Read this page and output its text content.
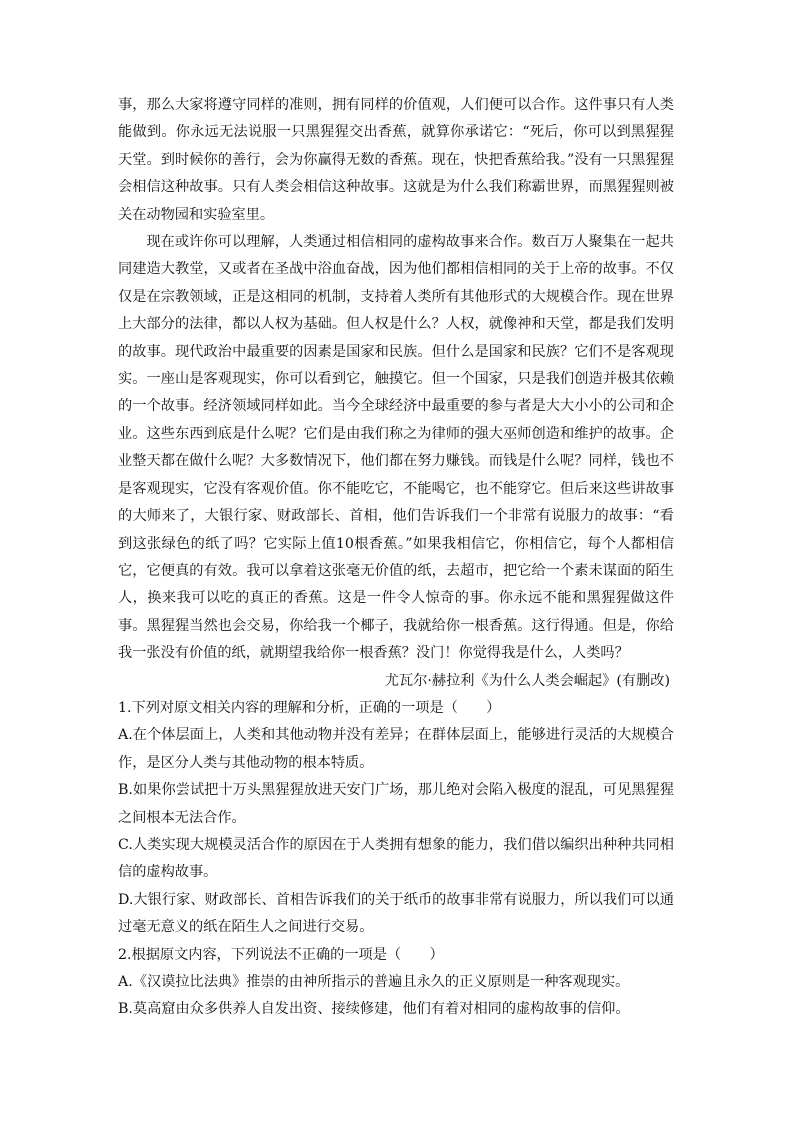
事，那么大家将遵守同样的准则，拥有同样的价值观，人们便可以合作。这件事只有人类能做到。你永远无法说服一只黑猩猩交出香蕉，就算你承诺它：“死后，你可以到黑猩猩天堂。到时候你的善行，会为你赢得无数的香蕉。现在，快把香蕉给我。”没有一只黑猩猩会相信这种故事。只有人类会相信这种故事。这就是为什么我们称霸世界，而黑猩猩则被关在动物园和实验室里。

现在或许你可以理解，人类通过相信相同的虚构故事来合作。数百万人聚集在一起共同建造大教堂，又或者在圣战中浴血奋战，因为他们都相信相同的关于上帝的故事。不仅仅是在宗教领域，正是这相同的机制，支持着人类所有其他形式的大规模合作。现在世界上大部分的法律，都以人权为基础。但人权是什么？人权，就像神和天堂，都是我们发明的故事。现代政治中最重要的因素是国家和民族。但什么是国家和民族？它们不是客观现实。一座山是客观现实，你可以看到它，触摸它。但一个国家，只是我们创造并极其依赖的一个故事。经济领域同样如此。当今全球经济中最重要的参与者是大大小小的公司和企业。这些东西到底是什么呢？它们是由我们称之为律师的强大巫师创造和维护的故事。企业整天都在做什么呢？大多数情况下，他们都在努力赚钱。而钱是什么呢？同样，钱也不是客观现实，它没有客观价值。你不能吃它，不能喝它，也不能穿它。但后来这些讲故事的大师来了，大银行家、财政部长、首相，他们告诉我们一个非常有说服力的故事：“看到这张绿色的纸了吗？它实际上值10根香蕉。”如果我相信它，你相信它，每个人都相信它，它便真的有效。我可以拿着这张毫无价值的纸，去超市，把它给一个素未谋面的陌生人，换来我可以吃的真正的香蕉。这是一件令人惊奇的事。你永远不能和黑猩猩做这件事。黑猩猩当然也会交易，你给我一个椰子，我就给你一根香蕉。这行得通。但是，你给我一张没有价值的纸，就期望我给你一根香蕉？没门！你觉得我是什么，人类吗？

尤瓦尔·赫拉利《为什么人类会崛起》(有删改)

1.下列对原文相关内容的理解和分析，正确的一项是（　　）

A.在个体层面上，人类和其他动物并没有差异；在群体层面上，能够进行灵活的大规模合作，是区分人类与其他动物的根本特质。

B.如果你尝试把十万头黑猩猩放进天安门广场，那儿绝对会陷入极度的混乱，可见黑猩猩之间根本无法合作。

C.人类实现大规模灵活合作的原因在于人类拥有想象的能力，我们借以编织出种种共同相信的虚构故事。

D.大银行家、财政部长、首相告诉我们的关于纸币的故事非常有说服力，所以我们可以通过毫无意义的纸在陌生人之间进行交易。

2.根据原文内容，下列说法不正确的一项是（　　）

A.《汉谟拉比法典》推崇的由神所指示的普遍且永久的正义原则是一种客观现实。

B.莫高窟由众多供养人自发出资、接续修建，他们有着对相同的虚构故事的信仰。
